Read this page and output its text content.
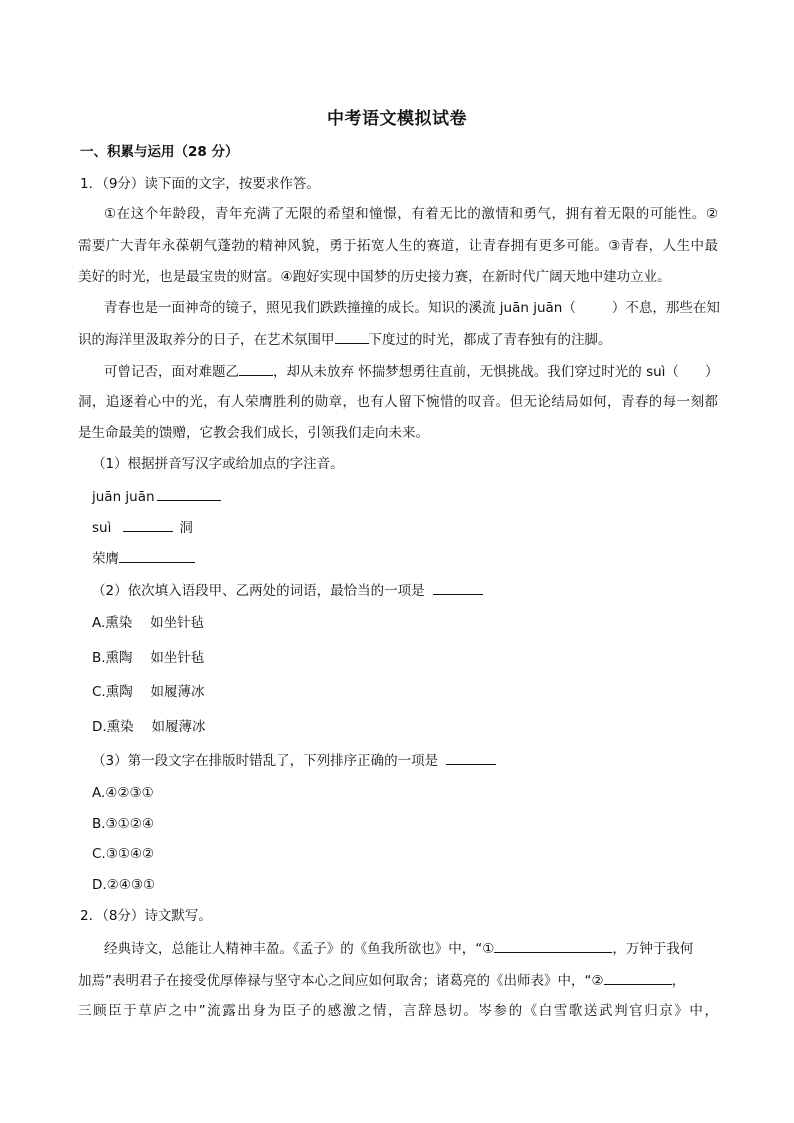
中考语文模拟试卷
一、积累与运用（28 分）
1．（9分）读下面的文字，按要求作答。
①在这个年龄段，青年充满了无限的希望和憧憬，有着无比的激情和勇气，拥有着无限的可能性。②
需要广大青年永葆朝气蓬勃的精神风貌，勇于拓宽人生的赛道，让青春拥有更多可能。③青春，人生中最
美好的时光，也是最宝贵的财富。④跑好实现中国梦的历史接力赛，在新时代广阔天地中建功立业。
青春也是一面神奇的镜子，照见我们跌跌撞撞的成长。知识的溪流 juān juān（	）不息，那些在知
识的海洋里汲取养分的日子，在艺术氛围甲	下度过的时光，都成了青春独有的注脚。
可曾记否，面对难题乙	，却从未放弃 怀揣梦想勇往直前，无惧挑战。我们穿过时光的 suì（ ）
洞，追逐着心中的光，有人荣膺胜利的勋章，也有人留下惋惜的叹音。但无论结局如何，青春的每一刻都
是生命最美的馈赠，它教会我们成长，引领我们走向未来。
（1）根据拼音写汉字或给加点的字注音。
juān juān
suì	洞
荣膺
（2）依次填入语段甲、乙两处的词语，最恰当的一项是
A.熏染　 如坐针毡
B.熏陶　 如坐针毡
C.熏陶　 如履薄冰
D.熏染　 如履薄冰
（3）第一段文字在排版时错乱了，下列排序正确的一项是
A.④②③①
B.③①②④
C.③①④②
D.②④③①
2．（8分）诗文默写。
经典诗文，总能让人精神丰盈。《孟子》的《鱼我所欲也》中，“①	，万钟于我何
加焉”表明君子在接受优厚俸禄与坚守本心之间应如何取舍；诸葛亮的《出师表》中，“②	，
三顾臣于草庐之中”流露出身为臣子的感激之情，言辞恳切。岑参的《白雪歌送武判官归京》中，
